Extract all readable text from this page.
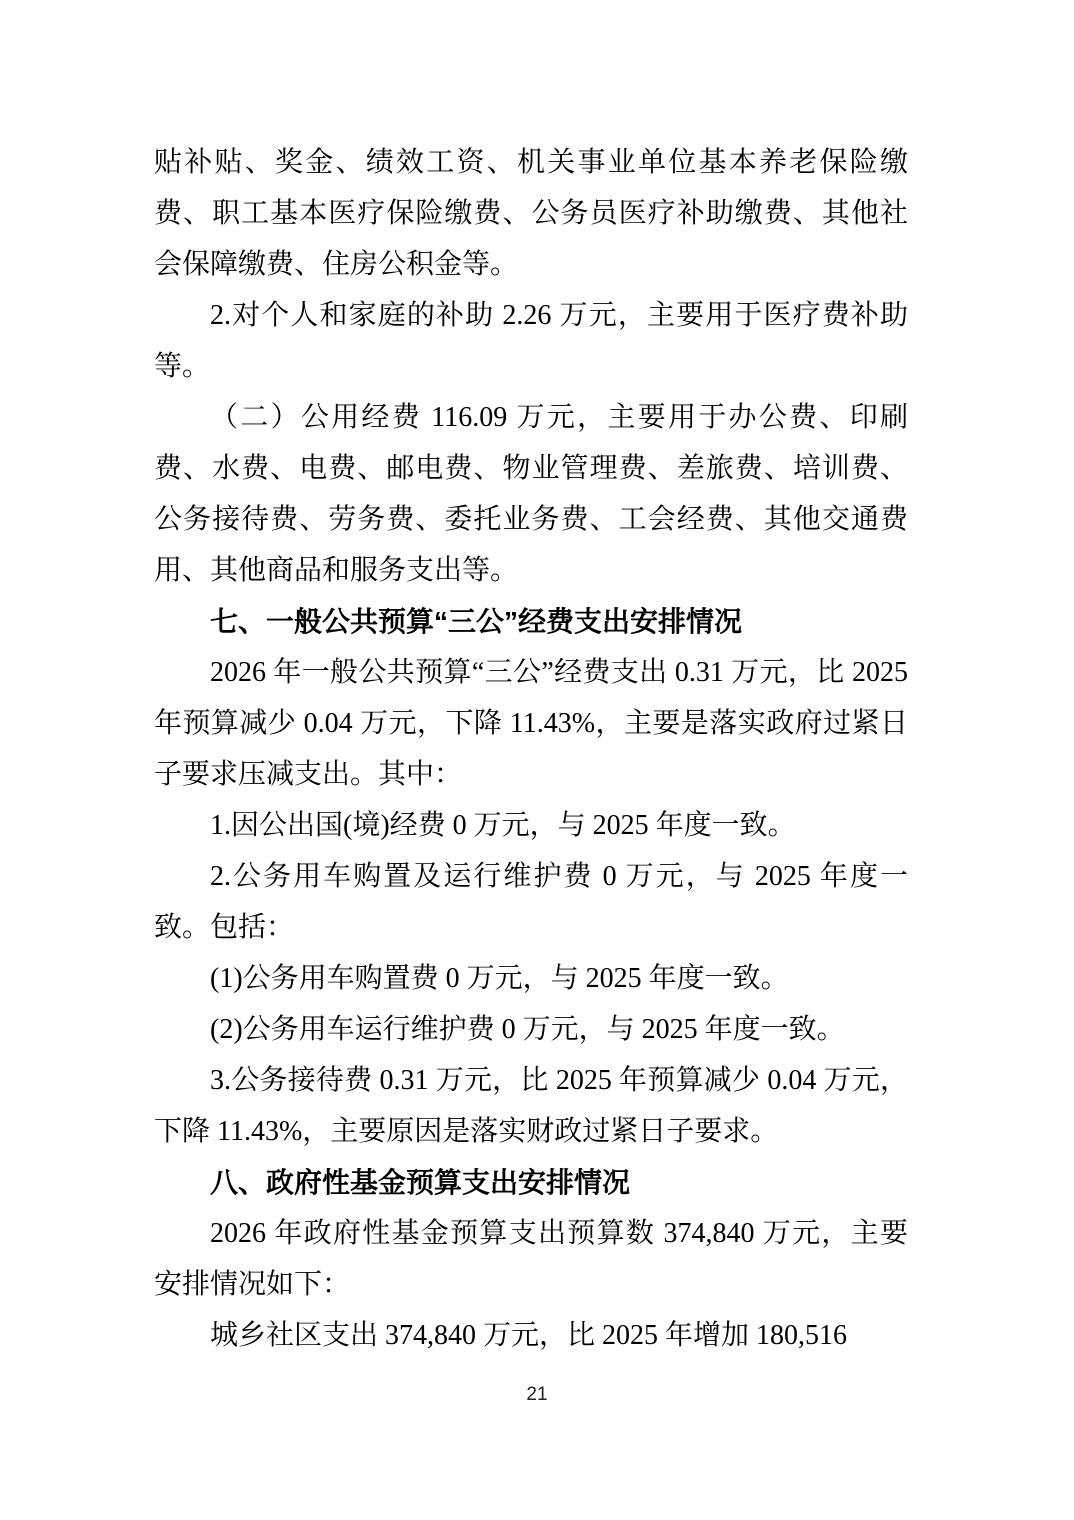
贴补贴、奖金、绩效工资、机关事业单位基本养老保险缴费、职工基本医疗保险缴费、公务员医疗补助缴费、其他社会保障缴费、住房公积金等。

2.对个人和家庭的补助 2.26 万元，主要用于医疗费补助等。

（二）公用经费 116.09 万元，主要用于办公费、印刷费、水费、电费、邮电费、物业管理费、差旅费、培训费、公务接待费、劳务费、委托业务费、工会经费、其他交通费用、其他商品和服务支出等。

七、一般公共预算“三公”经费支出安排情况

2026 年一般公共预算“三公”经费支出 0.31 万元，比 2025 年预算减少 0.04 万元，下降 11.43%，主要是落实政府过紧日子要求压减支出。其中：

1.因公出国(境)经费 0 万元，与 2025 年度一致。

2.公务用车购置及运行维护费 0 万元，与 2025 年度一致。包括：

(1)公务用车购置费 0 万元，与 2025 年度一致。

(2)公务用车运行维护费 0 万元，与 2025 年度一致。

3.公务接待费 0.31 万元，比 2025 年预算减少 0.04 万元，下降 11.43%，主要原因是落实财政过紧日子要求。

八、政府性基金预算支出安排情况

2026 年政府性基金预算支出预算数 374,840 万元，主要安排情况如下：

城乡社区支出 374,840 万元，比 2025 年增加 180,516

21
